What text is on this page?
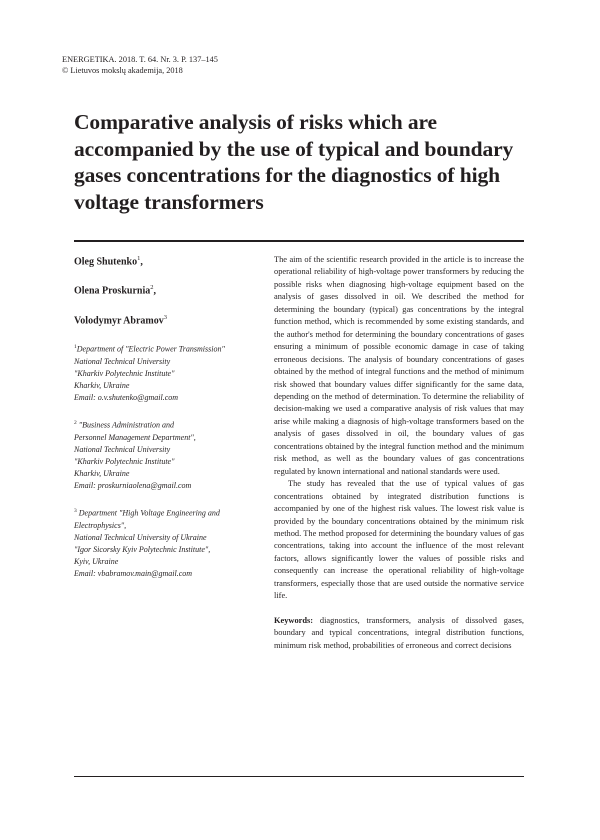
ENERGETIKA. 2018. T. 64. Nr. 3. P. 137–145
© Lietuvos mokslų akademija, 2018
Comparative analysis of risks which are accompanied by the use of typical and boundary gases concentrations for the diagnostics of high voltage transformers
Oleg Shutenko$^1$,
Olena Proskurnia$^2$,
Volodymyr Abramov$^3$
$^1$Department of "Electric Power Transmission"
National Technical University
"Kharkiv Polytechnic Institute"
Kharkiv, Ukraine
Email: o.v.shutenko@gmail.com
$^2$ "Business Administration and
Personnel Management Department",
National Technical University
"Kharkiv Polytechnic Institute"
Kharkiv, Ukraine
Email: proskurniaolena@gmail.com
$^3$ Department "High Voltage Engineering and
Electrophysics",
National Technical University of Ukraine
"Igor Sicorsky Kyiv Polytechnic Institute",
Kyiv, Ukraine
Email: vbabramov.main@gmail.com

The aim of the scientific research provided in the article is to increase the operational reliability of high-voltage power transformers by reducing the possible risks when diagnosing high-voltage equipment based on the analysis of gases dissolved in oil. We described the method for determining the boundary (typical) gas concentrations by the integral function method, which is recommended by some existing standards, and the author's method for determining the boundary concentrations of gases ensuring a minimum of possible economic damage in case of taking erroneous decisions. The analysis of boundary concentrations of gases obtained by the method of integral functions and the method of minimum risk showed that boundary values differ significantly for the same data, depending on the method of determination. To determine the reliability of decision-making we used a comparative analysis of risk values that may arise while making a diagnosis of high-voltage transformers based on the analysis of gases dissolved in oil, the boundary values of gas concentrations obtained by the integral function method and the minimum risk method, as well as the boundary values of gas concentrations regulated by known international and national standards were used.

The study has revealed that the use of typical values of gas concentrations obtained by integrated distribution functions is accompanied by one of the highest risk values. The lowest risk value is provided by the boundary concentrations obtained by the minimum risk method. The method proposed for determining the boundary values of gas concentrations, taking into account the influence of the most relevant factors, allows significantly lower the values of possible risks and consequently can increase the operational reliability of high-voltage transformers, especially those that are used outside the normative service life.

Keywords: diagnostics, transformers, analysis of dissolved gases, boundary and typical concentrations, integral distribution functions, minimum risk method, probabilities of erroneous and correct decisions
